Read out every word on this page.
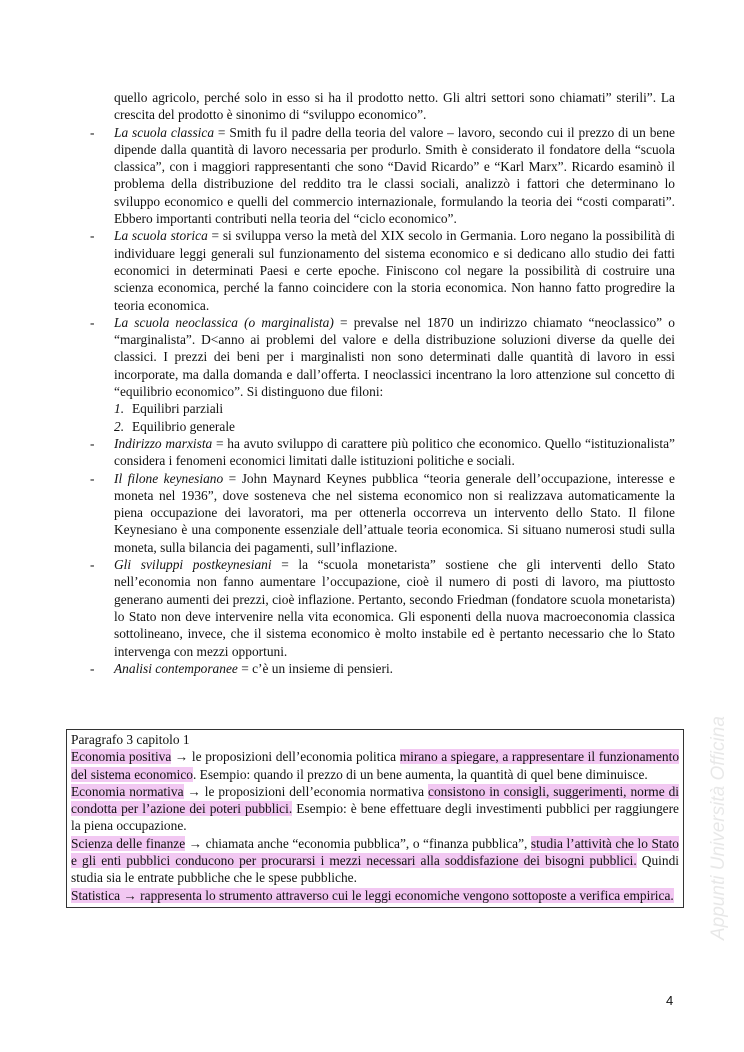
quello agricolo, perché solo in esso si ha il prodotto netto. Gli altri settori sono chiamati” sterili”. La crescita del prodotto è sinonimo di “sviluppo economico”.

- La scuola classica = Smith fu il padre della teoria del valore – lavoro, secondo cui il prezzo di un bene dipende dalla quantità di lavoro necessaria per produrlo. Smith è considerato il fondatore della “scuola classica”, con i maggiori rappresentanti che sono “David Ricardo” e “Karl Marx”. Ricardo esaminò il problema della distribuzione del reddito tra le classi sociali, analizzò i fattori che determinano lo sviluppo economico e quelli del commercio internazionale, formulando la teoria dei “costi comparati”. Ebbero importanti contributi nella teoria del “ciclo economico”.

- La scuola storica = si sviluppa verso la metà del XIX secolo in Germania. Loro negano la possibilità di individuare leggi generali sul funzionamento del sistema economico e si dedicano allo studio dei fatti economici in determinati Paesi e certe epoche. Finiscono col negare la possibilità di costruire una scienza economica, perché la fanno coincidere con la storia economica. Non hanno fatto progredire la teoria economica.

- La scuola neoclassica (o marginalista) = prevalse nel 1870 un indirizzo chiamato “neoclassico” o “marginalista”. D<anno ai problemi del valore e della distribuzione soluzioni diverse da quelle dei classici. I prezzi dei beni per i marginalisti non sono determinati dalle quantità di lavoro in essi incorporate, ma dalla domanda e dall’offerta. I neoclassici incentrano la loro attenzione sul concetto di “equilibrio economico”. Si distinguono due filoni:

1. Equilibri parziali

2. Equilibrio generale

- Indirizzo marxista = ha avuto sviluppo di carattere più politico che economico. Quello “istituzionalista” considera i fenomeni economici limitati dalle istituzioni politiche e sociali.

- Il filone keynesiano = John Maynard Keynes pubblica “teoria generale dell’occupazione, interesse e moneta nel 1936”, dove sosteneva che nel sistema economico non si realizzava automaticamente la piena occupazione dei lavoratori, ma per ottenerla occorreva un intervento dello Stato. Il filone Keynesiano è una componente essenziale dell’attuale teoria economica. Si situano numerosi studi sulla moneta, sulla bilancia dei pagamenti, sull’inflazione.

- Gli sviluppi postkeynesiani = la “scuola monetarista” sostiene che gli interventi dello Stato nell’economia non fanno aumentare l’occupazione, cioè il numero di posti di lavoro, ma piuttosto generano aumenti dei prezzi, cioè inflazione. Pertanto, secondo Friedman (fondatore scuola monetarista) lo Stato non deve intervenire nella vita economica. Gli esponenti della nuova macroeconomia classica sottolineano, invece, che il sistema economico è molto instabile ed è pertanto necessario che lo Stato intervenga con mezzi opportuni.

- Analisi contemporanee = c’è un insieme di pensieri.

Paragrafo 3 capitolo 1

Economia positiva → le proposizioni dell’economia politica mirano a spiegare, a rappresentare il funzionamento del sistema economico. Esempio: quando il prezzo di un bene aumenta, la quantità di quel bene diminuisce.

Economia normativa → le proposizioni dell’economia normativa consistono in consigli, suggerimenti, norme di condotta per l’azione dei poteri pubblici. Esempio: è bene effettuare degli investimenti pubblici per raggiungere la piena occupazione.

Scienza delle finanze → chiamata anche “economia pubblica”, o “finanza pubblica”, studia l’attività che lo Stato e gli enti pubblici conducono per procurarsi i mezzi necessari alla soddisfazione dei bisogni pubblici. Quindi studia sia le entrate pubbliche che le spese pubbliche.

Statistica → rappresenta lo strumento attraverso cui le leggi economiche vengono sottoposte a verifica empirica. Appunti Università Officina
4
